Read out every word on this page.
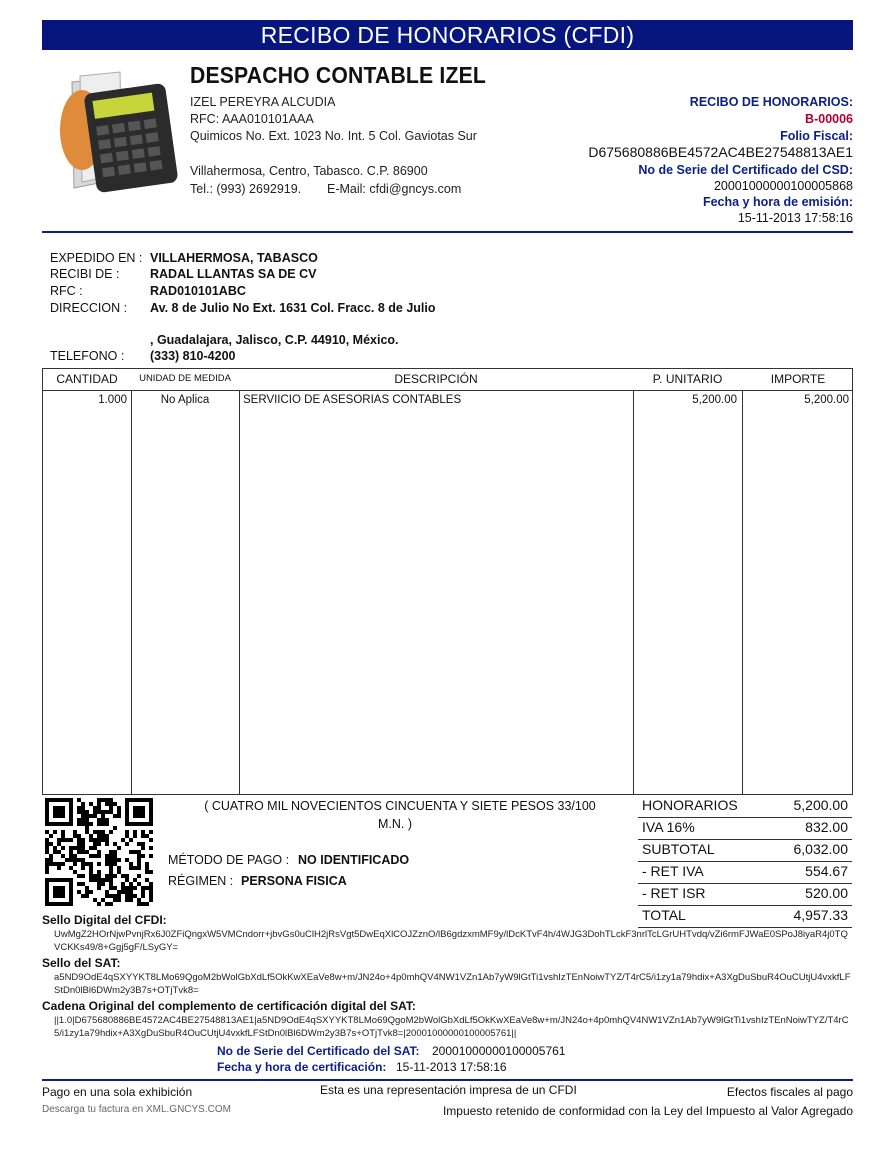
RECIBO DE HONORARIOS (CFDI)
DESPACHO CONTABLE IZEL
IZEL PEREYRA ALCUDIA
RFC: AAA010101AAA
Quimicos No. Ext. 1023 No. Int. 5 Col. Gaviotas Sur
Villahermosa, Centro, Tabasco. C.P. 86900
Tel.: (993) 2692919. E-Mail: cfdi@gncys.com
RECIBO DE HONORARIOS:
B-00006
Folio Fiscal:
D675680886BE4572AC4BE27548813AE1
No de Serie del Certificado del CSD:
20001000000100005868
Fecha y hora de emisión:
15-11-2013 17:58:16
EXPEDIDO EN : VILLAHERMOSA, TABASCO
RECIBI DE : RADAL LLANTAS SA DE CV
RFC :	RAD010101ABC
DIRECCION : Av. 8 de Julio No Ext. 1631 Col. Fracc. 8 de Julio
, Guadalajara, Jalisco, C.P. 44910, México.
TELEFONO : (333) 810-4200
CANTIDAD	UNIDAD DE MEDIDA	DESCRIPCIÓN	P. UNITARIO	IMPORTE
1.000	No Aplica	SERVIICIO DE ASESORIAS CONTABLES	5,200.00	5,200.00
( CUATRO MIL NOVECIENTOS CINCUENTA Y SIETE PESOS 33/100
M.N. )
MÉTODO DE PAGO : NO IDENTIFICADO
RÉGIMEN : PERSONA FISICA
HONORARIOS	5,200.00
IVA 16%	832.00
SUBTOTAL	6,032.00
- RET IVA	554.67
- RET ISR	520.00
TOTAL	4,957.33
Sello Digital del CFDI:
UwMgZ2HOrNjwPvnjRx6J0ZFiQngxW5VMCndorr+jbvGs0uClH2jRsVgt5DwEqXlCOJZznO/lB6gdzxmMF9y/lDcKTvF4h/4WJG3DohTLckF3nrlTcLGrUHTvdq/vZi6rmFJWaE0SPoJ8iyaR4j0TQVCKKs49/8+Ggj5gF/LSyGY=
Sello del SAT:
a5ND9OdE4qSXYYKT8LMo69QgoM2bWolGbXdLf5OkKwXEaVe8w+m/JN24o+4p0mhQV4NW1VZn1Ab7yW9lGtTi1vshIzTEnNoiwTYZ/T4rC5/i1zy1a79hdix+A3XgDuSbuR4OuCUtjU4vxkfLFStDn0lBl6DWm2y3B7s+OTjTvk8=
Cadena Original del complemento de certificación digital del SAT:
||1.0|D675680886BE4572AC4BE27548813AE1|a5ND9OdE4qSXYYKT8LMo69QgoM2bWolGbXdLf5OkKwXEaVe8w+m/JN24o+4p0mhQV4NW1VZn1Ab7yW9lGtTi1vshIzTEnNoiwTYZ/T4rC5/i1zy1a79hdix+A3XgDuSbuR4OuCUtjU4vxkfLFStDn0lBl6DWm2y3B7s+OTjTvk8=|20001000000100005761||
No de Serie del Certificado del SAT: 20001000000100005761
Fecha y hora de certificación: 15-11-2013 17:58:16
Pago en una sola exhibición
Descarga tu factura en XML.GNCYS.COM
Esta es una representación impresa de un CFDI	Efectos fiscales al pago
Impuesto retenido de conformidad con la Ley del Impuesto al Valor Agregado
